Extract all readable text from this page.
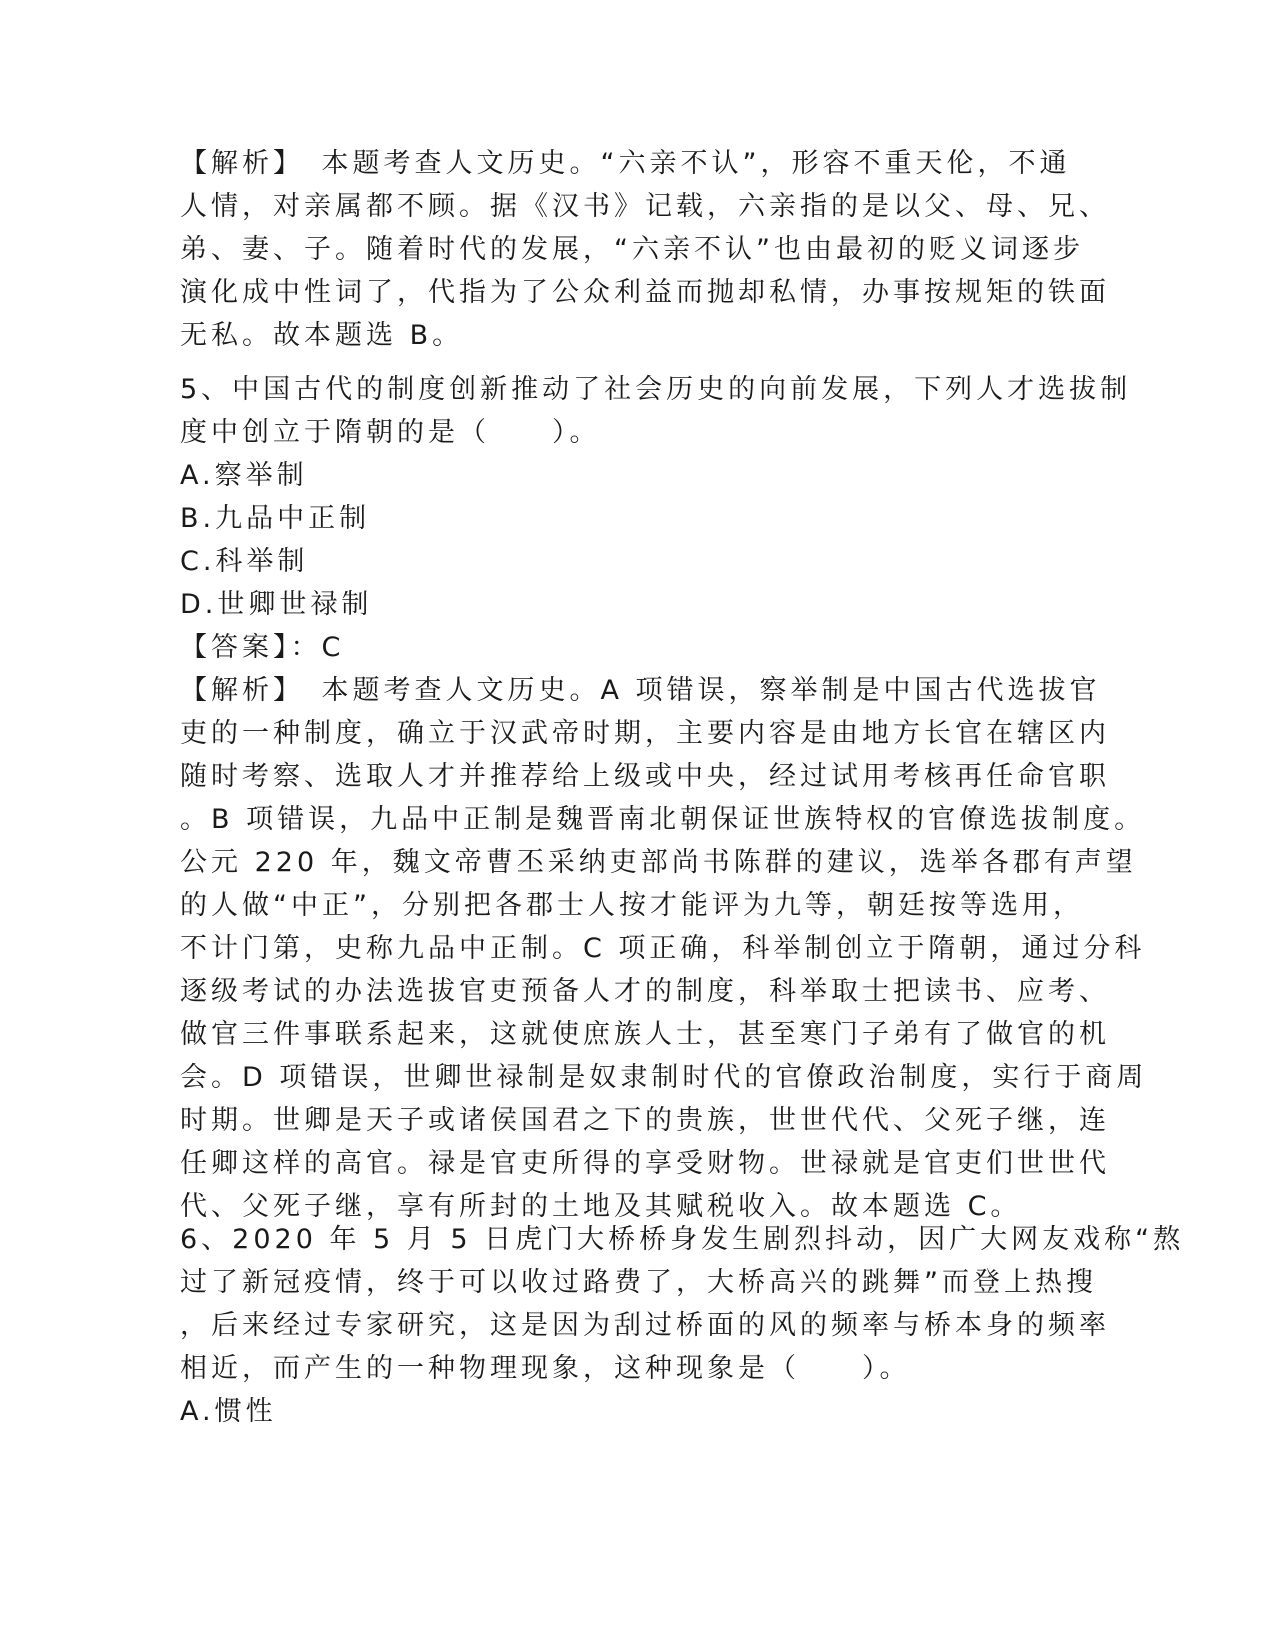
【解析】　本题考查人文历史。“六亲不认”，形容不重天伦，不通
人情，对亲属都不顾。据《汉书》记载，六亲指的是以父、母、兄、
弟、妻、子。随着时代的发展，“六亲不认”也由最初的贬义词逐步
演化成中性词了，代指为了公众利益而抛却私情，办事按规矩的铁面
无私。故本题选 B。
5、中国古代的制度创新推动了社会历史的向前发展，下列人才选拔制
度中创立于隋朝的是（　　）。
A.察举制
B.九品中正制
C.科举制
D.世卿世禄制
【答案】：C
【解析】　本题考查人文历史。A 项错误，察举制是中国古代选拔官
吏的一种制度，确立于汉武帝时期，主要内容是由地方长官在辖区内
随时考察、选取人才并推荐给上级或中央，经过试用考核再任命官职
。B 项错误，九品中正制是魏晋南北朝保证世族特权的官僚选拔制度。
公元 220 年，魏文帝曹丕采纳吏部尚书陈群的建议，选举各郡有声望
的人做“中正”，分别把各郡士人按才能评为九等，朝廷按等选用，
不计门第，史称九品中正制。C 项正确，科举制创立于隋朝，通过分科
逐级考试的办法选拔官吏预备人才的制度，科举取士把读书、应考、
做官三件事联系起来，这就使庶族人士，甚至寒门子弟有了做官的机
会。D 项错误，世卿世禄制是奴隶制时代的官僚政治制度，实行于商周
时期。世卿是天子或诸侯国君之下的贵族，世世代代、父死子继，连
任卿这样的高官。禄是官吏所得的享受财物。世禄就是官吏们世世代
代、父死子继，享有所封的土地及其赋税收入。故本题选 C。
6、2020 年 5 月 5 日虎门大桥桥身发生剧烈抖动，因广大网友戏称“熬
过了新冠疫情，终于可以收过路费了，大桥高兴的跳舞”而登上热搜
，后来经过专家研究，这是因为刮过桥面的风的频率与桥本身的频率
相近，而产生的一种物理现象，这种现象是（　　）。
A.惯性
